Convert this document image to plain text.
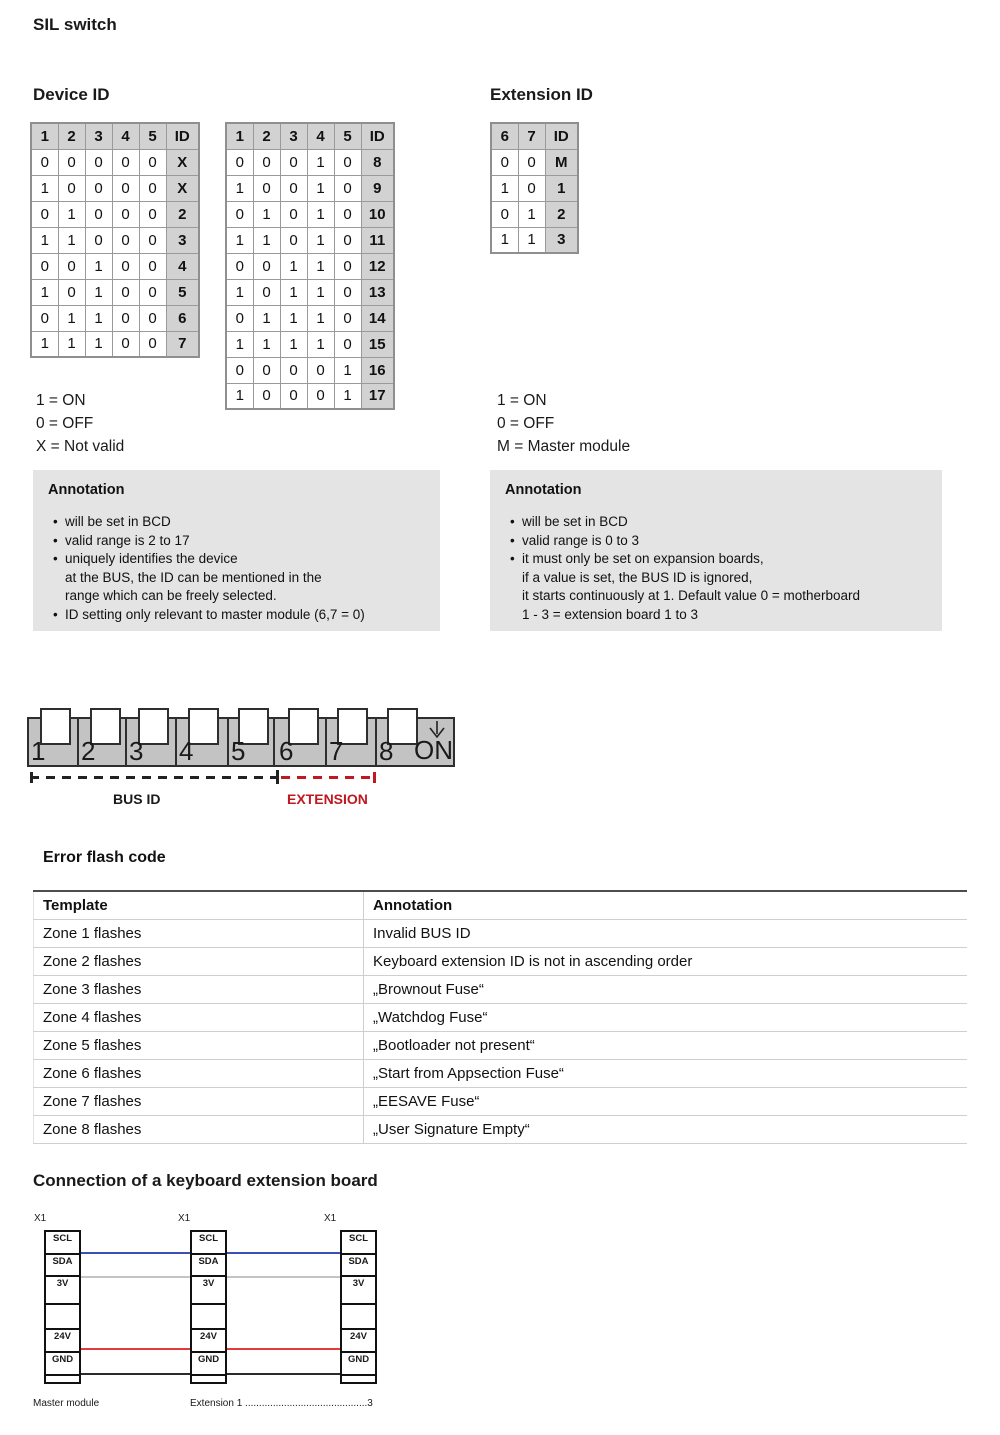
SIL switch
Device ID	Extension ID
1	2	3	4	5	ID
0	0	0	0	0	X
1	0	0	0	0	X
0	1	0	0	0	2
1	1	0	0	0	3
0	0	1	0	0	4
1	0	1	0	0	5
0	1	1	0	0	6
1	1	1	0	0	7
1	2	3	4	5	ID
0	0	0	1	0	8
1	0	0	1	0	9
0	1	0	1	0	10
1	1	0	1	0	11
0	0	1	1	0	12
1	0	1	1	0	13
0	1	1	1	0	14
1	1	1	1	0	15
0	0	0	0	1	16
1	0	0	0	1	17
6	7	ID
0	0	M
1	0	1
0	1	2
1	1	3
1 = ON
0 = OFF
X = Not valid
1 = ON
0 = OFF
M = Master module
Annotation
• will be set in BCD
• valid range is 2 to 17
• uniquely identifies the device
at the BUS, the ID can be mentioned in the
range which can be freely selected.
• ID setting only relevant to master module (6,7 = 0)
Annotation
• will be set in BCD
• valid range is 0 to 3
• it must only be set on expansion boards,
if a value is set, the BUS ID is ignored,
it starts continuously at 1. Default value 0 = motherboard
1 - 3 = extension board 1 to 3
1 2 3 4 5 6 7 8 ON
BUS ID	EXTENSION
Error flash code
Template	Annotation
Zone 1 flashes	Invalid BUS ID
Zone 2 flashes	Keyboard extension ID is not in ascending order
Zone 3 flashes	„Brownout Fuse“
Zone 4 flashes	„Watchdog Fuse“
Zone 5 flashes	„Bootloader not present“
Zone 6 flashes	„Start from Appsection Fuse“
Zone 7 flashes	„EESAVE Fuse“
Zone 8 flashes	„User Signature Empty“
Connection of a keyboard extension board
X1	X1	X1
SCL
SDA
3V
24V
GND
SCL
SDA
3V
24V
GND
SCL
SDA
3V
24V
GND
Master module	Extension 1 ............................................3
